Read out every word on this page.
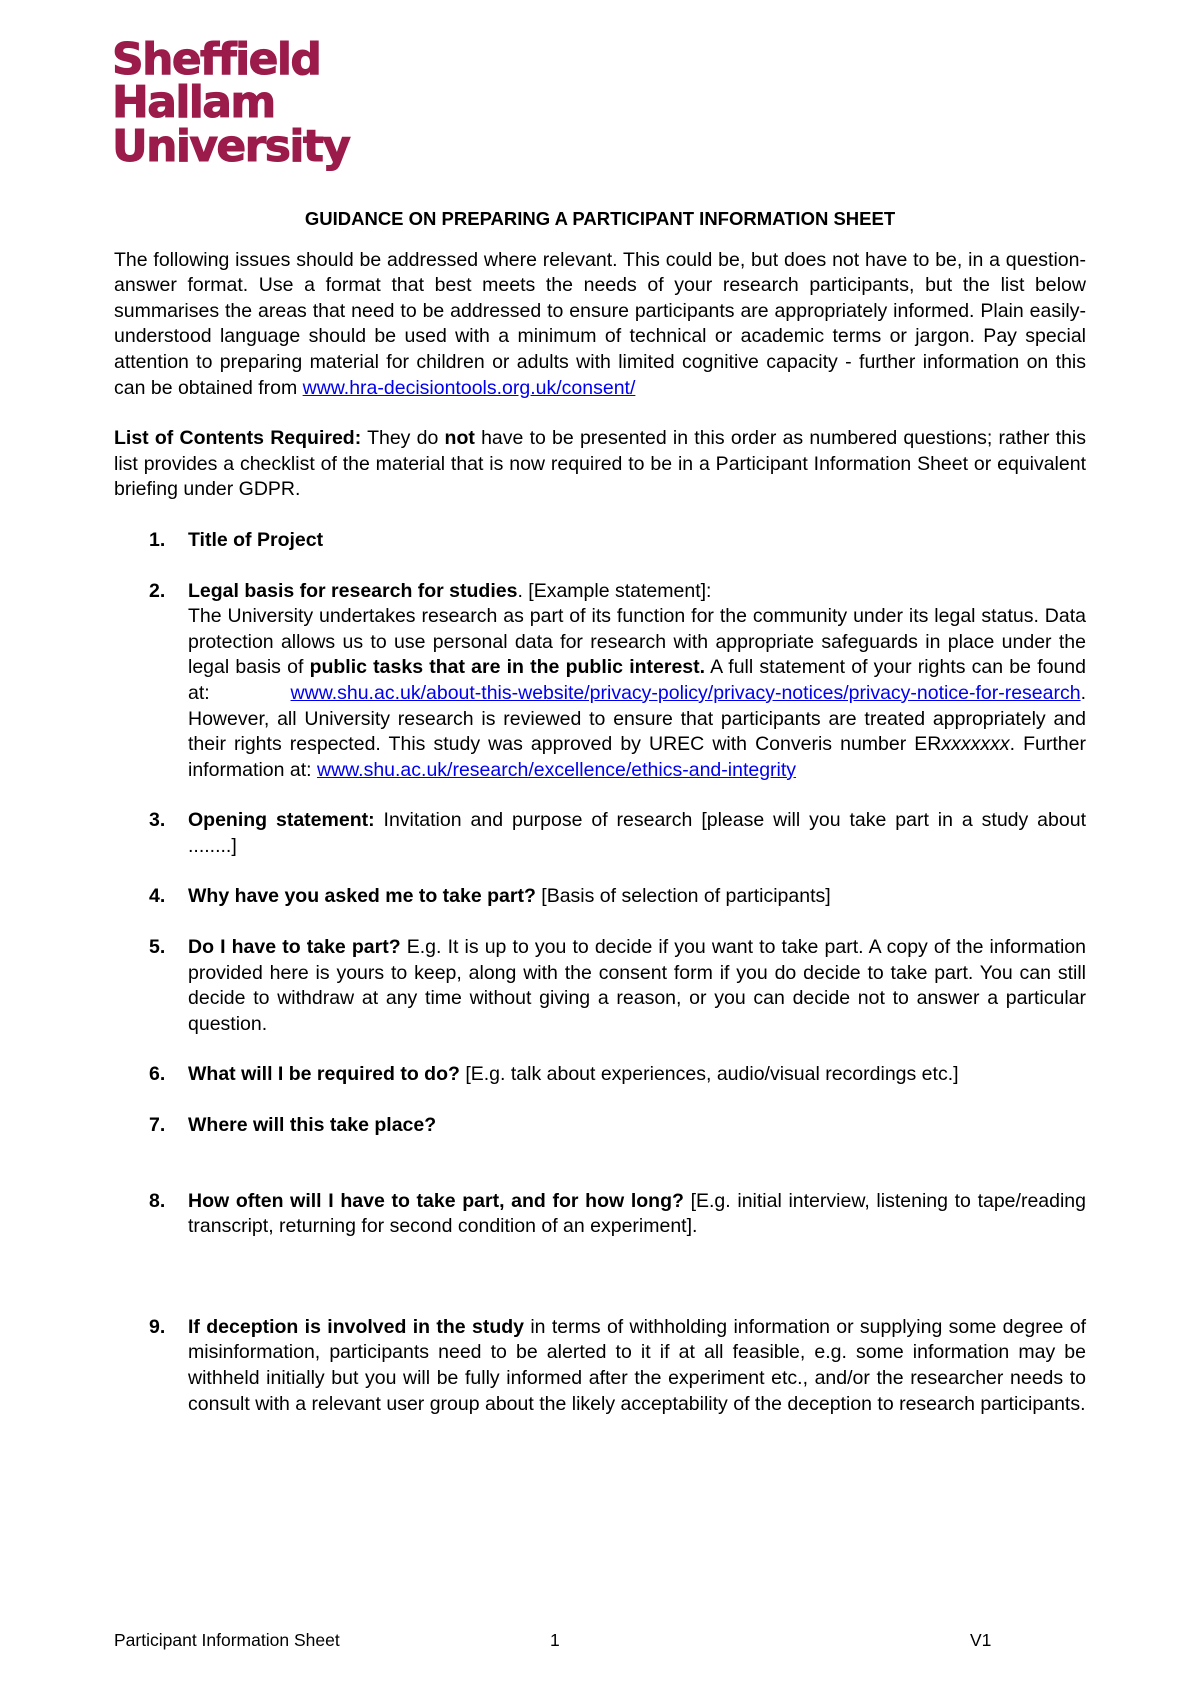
Sheffield
Hallam
University
GUIDANCE ON PREPARING A PARTICIPANT INFORMATION SHEET

The following issues should be addressed where relevant. This could be, but does not have to be, in a question-answer format. Use a format that best meets the needs of your research participants, but the list below summarises the areas that need to be addressed to ensure participants are appropriately informed. Plain easily-understood language should be used with a minimum of technical or academic terms or jargon. Pay special attention to preparing material for children or adults with limited cognitive capacity - further information on this can be obtained from www.hra-decisiontools.org.uk/consent/

List of Contents Required: They do not have to be presented in this order as numbered questions; rather this list provides a checklist of the material that is now required to be in a Participant Information Sheet or equivalent briefing under GDPR.

1. Title of Project
2. Legal basis for research for studies. [Example statement]:

The University undertakes research as part of its function for the community under its legal status. Data protection allows us to use personal data for research with appropriate safeguards in place under the legal basis of public tasks that are in the public interest. A full statement of your rights can be found at: www.shu.ac.uk/about-this-website/privacy-policy/privacy-notices/privacy-notice-for-research. However, all University research is reviewed to ensure that participants are treated appropriately and their rights respected. This study was approved by UREC with Converis number ERxxxxxxx. Further information at: www.shu.ac.uk/research/excellence/ethics-and-integrity

3. Opening statement: Invitation and purpose of research [please will you take part in a study about ........]

4. Why have you asked me to take part? [Basis of selection of participants]

5. Do I have to take part? E.g. It is up to you to decide if you want to take part. A copy of the information provided here is yours to keep, along with the consent form if you do decide to take part. You can still decide to withdraw at any time without giving a reason, or you can decide not to answer a particular question.

6. What will I be required to do? [E.g. talk about experiences, audio/visual recordings etc.]

7. Where will this take place?

8. How often will I have to take part, and for how long? [E.g. initial interview, listening to tape/reading transcript, returning for second condition of an experiment].

9. If deception is involved in the study in terms of withholding information or supplying some degree of misinformation, participants need to be alerted to it if at all feasible, e.g. some information may be withheld initially but you will be fully informed after the experiment etc., and/or the researcher needs to consult with a relevant user group about the likely acceptability of the deception to research participants.

Participant Information Sheet	1	V1
